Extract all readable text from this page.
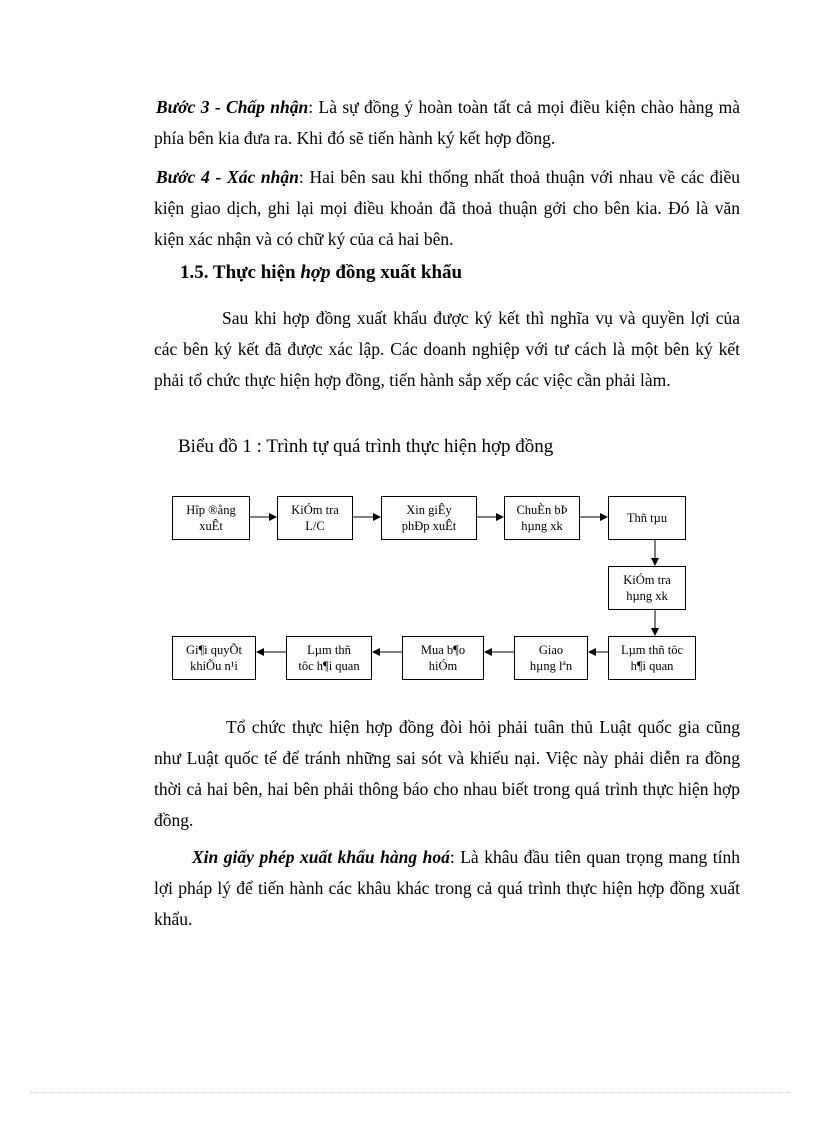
Bước 3 - Chấp nhận: Là sự đồng ý hoàn toàn tất cả mọi điều kiện chào hàng mà phía bên kia đưa ra. Khi đó sẽ tiến hành ký kết hợp đồng.

Bước 4 - Xác nhận: Hai bên sau khi thống nhất thoả thuận với nhau về các điều kiện giao dịch, ghi lại mọi điều khoản đã thoả thuận gởi cho bên kia. Đó là văn kiện xác nhận và có chữ ký của cả hai bên.

1.5. Thực hiện hợp đồng xuất khẩu

Sau khi hợp đồng xuất khẩu được ký kết thì nghĩa vụ và quyền lợi của các bên ký kết đã được xác lập. Các doanh nghiệp với tư cách là một bên ký kết phải tổ chức thực hiện hợp đồng, tiến hành sắp xếp các việc cần phải làm.

Biểu đồ 1 : Trình tự quá trình thực hiện hợp đồng

Hîp ®ång
xuÊt
KiÓm tra
L/C
Xin giÊy
phÐp xuÊt
ChuÈn bÞ
hµng xk
Thñ tµu
KiÓm tra
hµng xk
Lµm thñ tôc
h¶i quan
Giao
hµng lªn
Mua b¶o
hiÓm
Lµm thñ
tôc h¶i quan
Gi¶i quyÕt
khiÕu n¹i

Tổ chức thực hiện hợp đồng đòi hỏi phải tuân thủ Luật quốc gia cũng như Luật quốc tế để tránh những sai sót và khiếu nại. Việc này phải diễn ra đồng thời cả hai bên, hai bên phải thông báo cho nhau biết trong quá trình thực hiện hợp đồng.

Xin giấy phép xuất khẩu hàng hoá: Là khâu đầu tiên quan trọng mang tính lợi pháp lý để tiến hành các khâu khác trong cả quá trình thực hiện hợp đồng xuất khẩu.
